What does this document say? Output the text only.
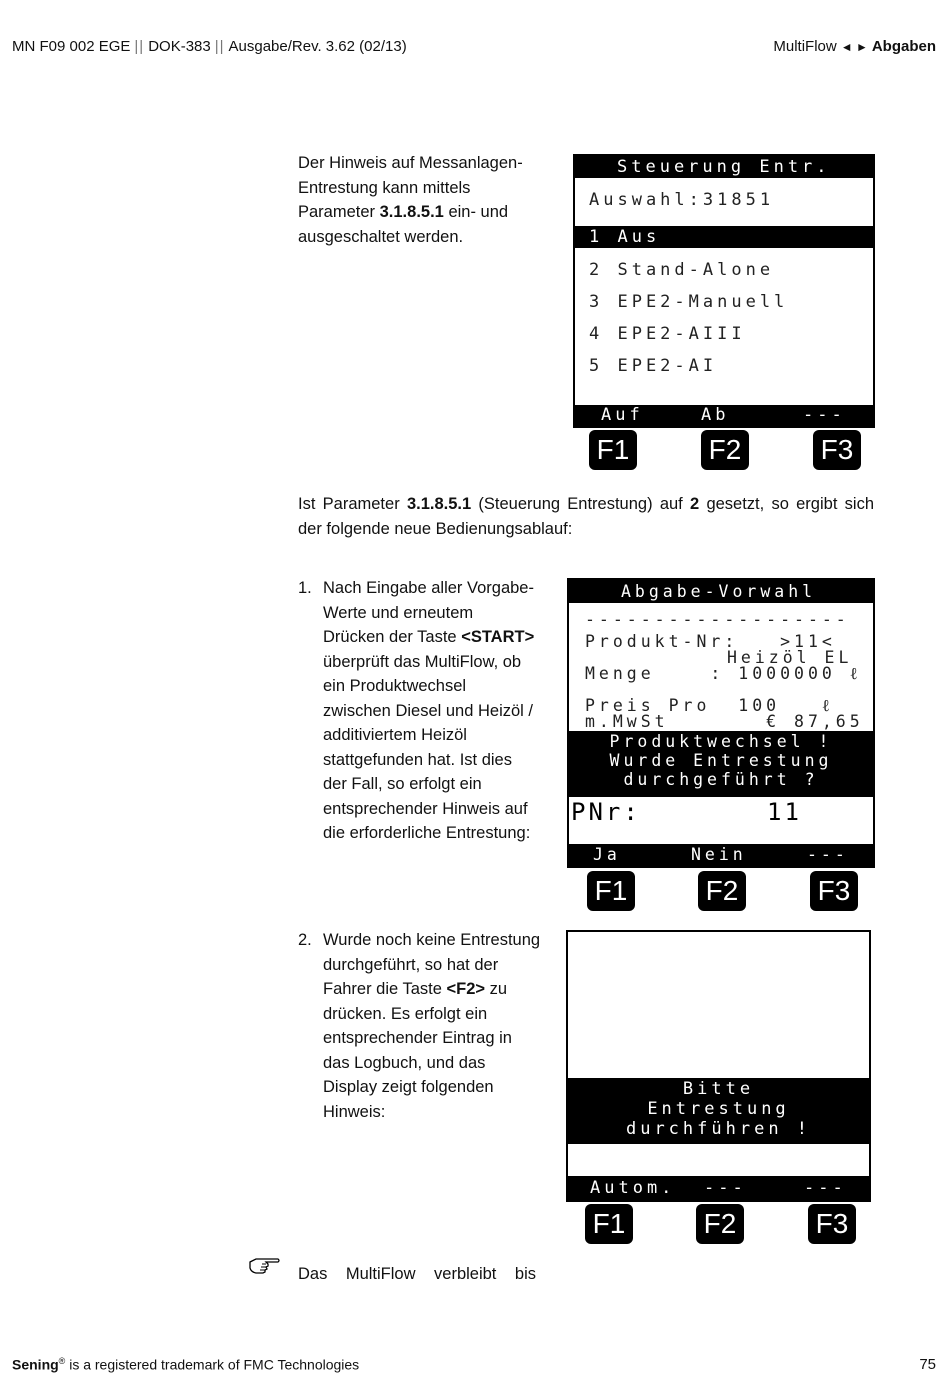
MN F09 002 EGE || DOK-383 || Ausgabe/Rev. 3.62 (02/13)	MultiFlow ◄ ► Abgaben
Der Hinweis auf Messanlagen-Entrestung kann mittels Parameter 3.1.8.5.1 ein- und ausgeschaltet werden.
Steuerung Entr.
Auswahl:31851
1 Aus
2 Stand-Alone
3 EPE2-Manuell
4 EPE2-AIII
5 EPE2-AI
Auf	Ab	---
F1	F2	F3
Ist Parameter 3.1.8.5.1 (Steuerung Entrestung) auf 2 gesetzt, so ergibt sich der folgende neue Bedienungsablauf:
1. Nach Eingabe aller Vorgabe-Werte und erneutem Drücken der Taste <START> überprüft das MultiFlow, ob ein Produktwechsel zwischen Diesel und Heizöl / additiviertem Heizöl stattgefunden hat. Ist dies der Fall, so erfolgt ein entsprechender Hinweis auf die erforderliche Entrestung:
Abgabe-Vorwahl
-------------------
Produkt-Nr:   >11<
Heizöl EL
Menge    : 1000000 ℓ
Preis Pro  100   ℓ
m.MwSt       € 87,65
Produktwechsel !
Wurde Entrestung
durchgeführt ?
PNr:	11
Ja	Nein	---
F1	F2	F3
2. Wurde noch keine Entrestung durchgeführt, so hat der Fahrer die Taste <F2> zu drücken. Es erfolgt ein entsprechender Eintrag in das Logbuch, und das Display zeigt folgenden Hinweis:
Bitte
Entrestung
durchführen !
Autom. ---	---
F1	F2	F3
Das MultiFlow verbleibt bis
Sening® is a registered trademark of FMC Technologies	75
